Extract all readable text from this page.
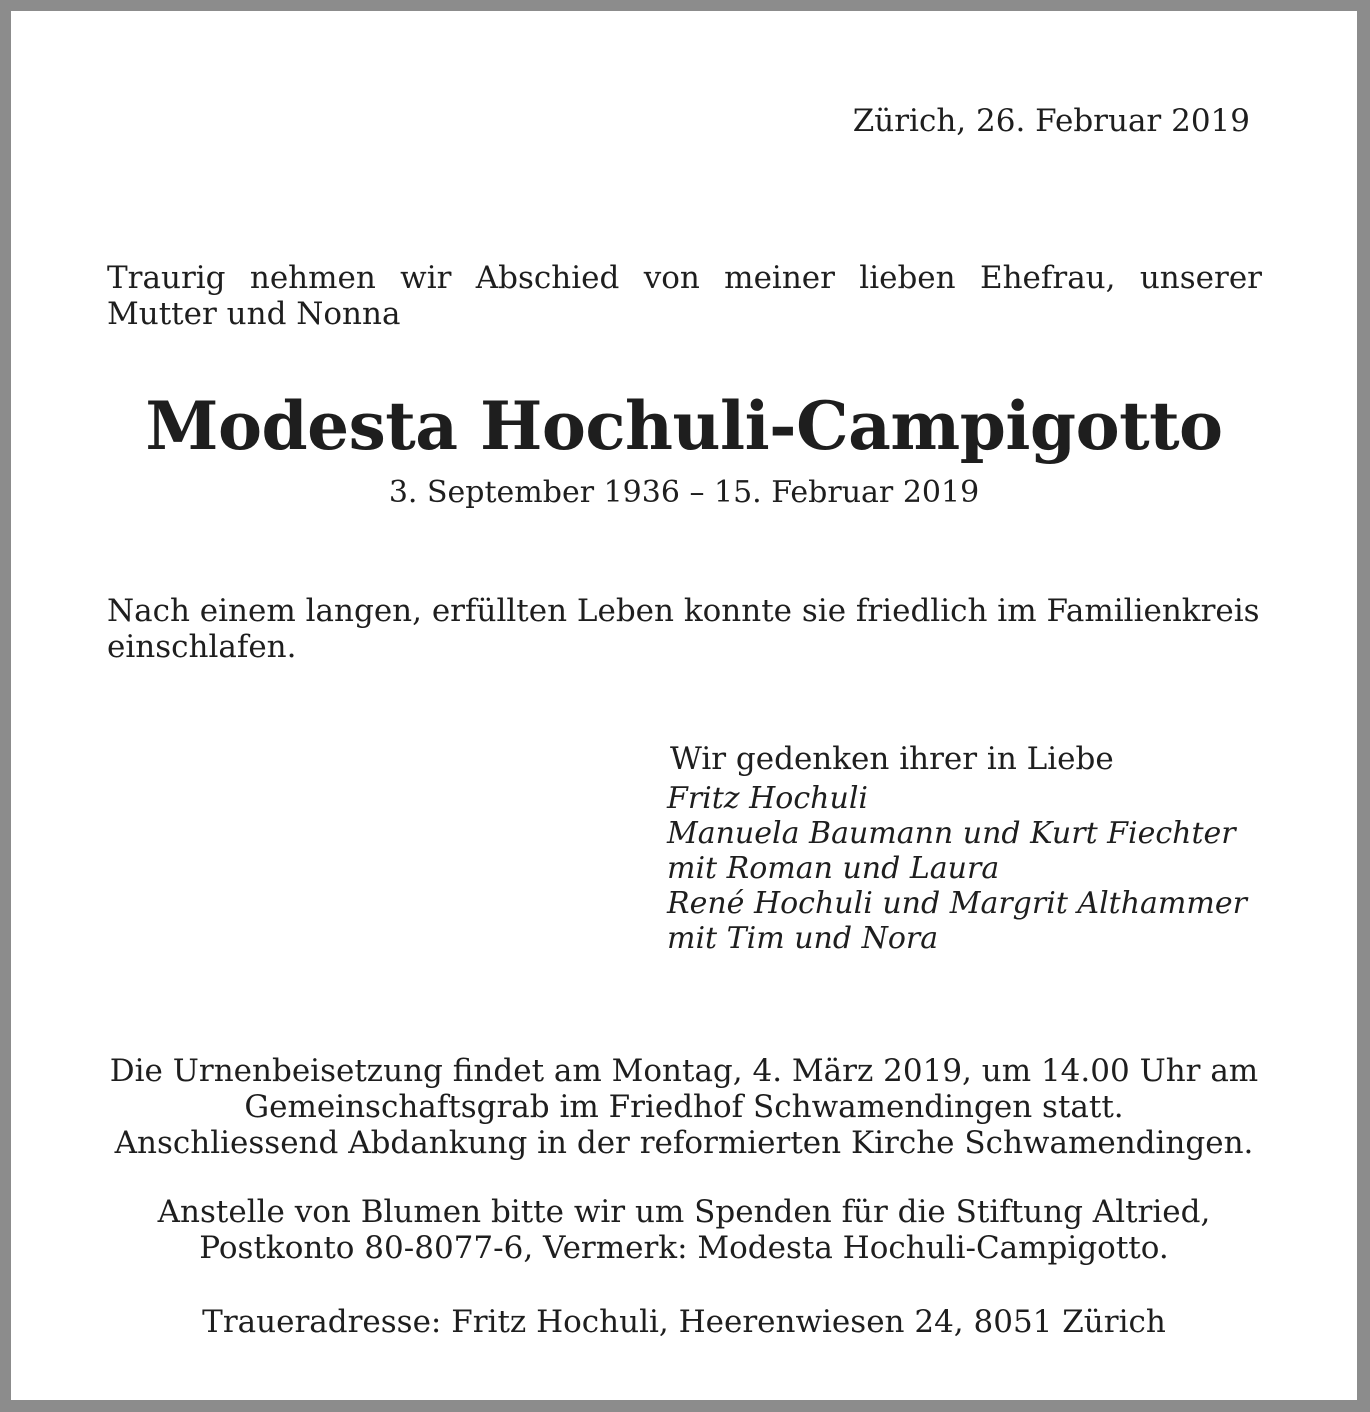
Zürich, 26. Februar 2019

Traurig nehmen wir Abschied von meiner lieben Ehefrau, unserer Mutter und Nonna

Modesta Hochuli-Campigotto

3. September 1936 – 15. Februar 2019

Nach einem langen, erfüllten Leben konnte sie friedlich im Familienkreis einschlafen.

Wir gedenken ihrer in Liebe
Fritz Hochuli
Manuela Baumann und Kurt Fiechter
mit Roman und Laura
René Hochuli und Margrit Althammer
mit Tim und Nora

Die Urnenbeisetzung findet am Montag, 4. März 2019, um 14.00 Uhr am
Gemeinschaftsgrab im Friedhof Schwamendingen statt.
Anschliessend Abdankung in der reformierten Kirche Schwamendingen.

Anstelle von Blumen bitte wir um Spenden für die Stiftung Altried,
Postkonto 80-8077-6, Vermerk: Modesta Hochuli-Campigotto.

Traueradresse: Fritz Hochuli, Heerenwiesen 24, 8051 Zürich
